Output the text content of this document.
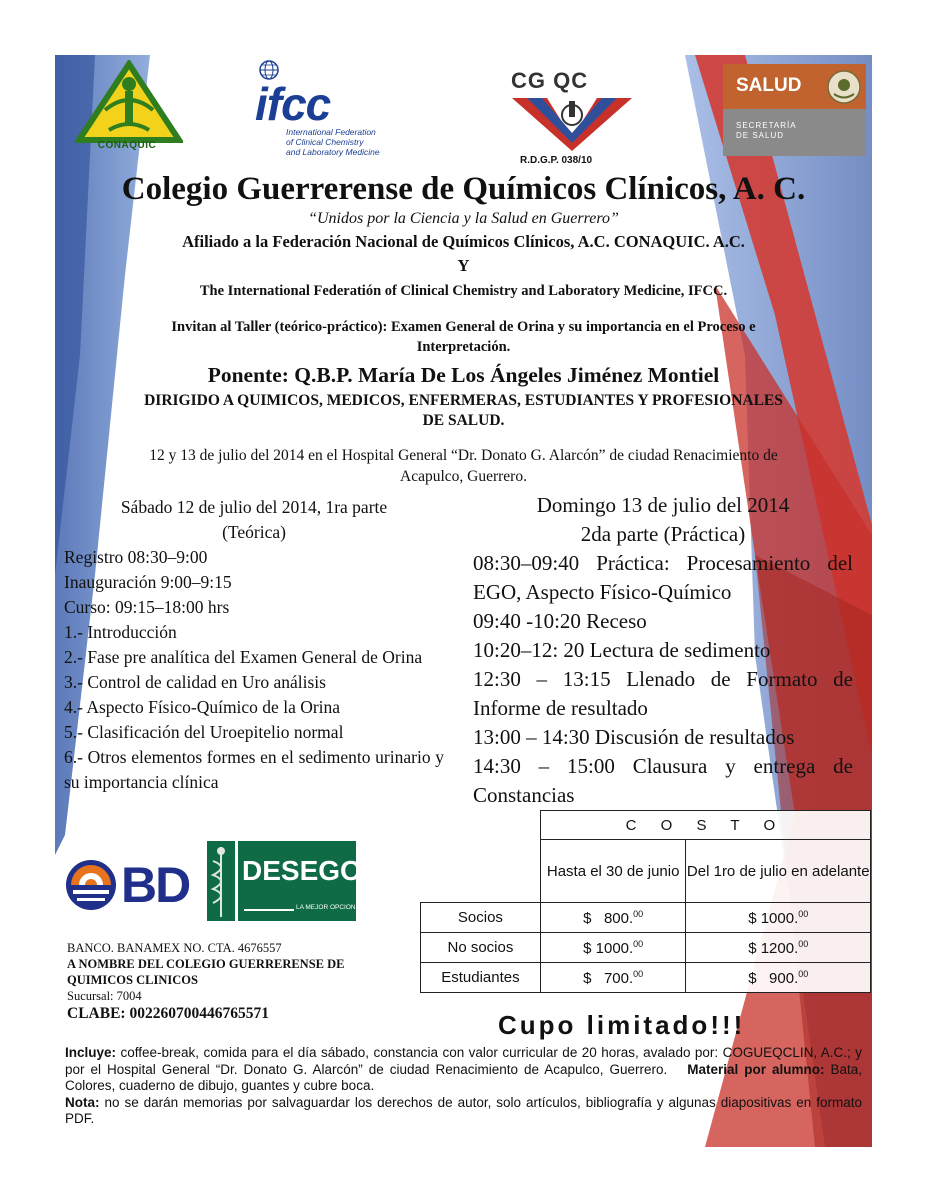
CONAQUIC
ifcc
International Federation
of Clinical Chemistry
and Laboratory Medicine
CG QC
R.D.G.P. 038/10
SALUD
SECRETARÍA
DE SALUD
Colegio Guerrerense de Químicos Clínicos, A. C.
“Unidos por la Ciencia y la Salud en Guerrero”
Afiliado a la Federación Nacional de Químicos Clínicos, A.C. CONAQUIC. A.C.
Y
The International Federatión of Clinical Chemistry and Laboratory Medicine, IFCC.
Invitan al Taller (teórico-práctico): Examen General de Orina y su importancia en el Proceso e
Interpretación.
Ponente: Q.B.P. María De Los Ángeles Jiménez Montiel
DIRIGIDO A QUIMICOS, MEDICOS, ENFERMERAS, ESTUDIANTES Y PROFESIONALES
DE SALUD.
12 y 13 de julio del 2014 en el Hospital General “Dr. Donato G. Alarcón” de ciudad Renacimiento de
Acapulco, Guerrero.

Sábado 12 de julio del 2014, 1ra parte

(Teórica)

Registro 08:30–9:00

Inauguración 9:00–9:15

Curso: 09:15–18:00 hrs

1.- Introducción

2.- Fase pre analítica del Examen General de Orina

3.- Control de calidad en Uro análisis

4.- Aspecto Físico-Químico de la Orina

5.- Clasificación del Uroepitelio normal

6.- Otros elementos formes en el sedimento urinario y su importancia clínica

Domingo 13 de julio del 2014

2da parte (Práctica)

08:30–09:40 Práctica: Procesamiento del EGO, Aspecto Físico-Químico

09:40 -10:20 Receso

10:20–12: 20 Lectura de sedimento

12:30 – 13:15 Llenado de Formato de Informe de resultado

13:00 – 14:30 Discusión de resultados

14:30 – 15:00 Clausura y entrega de Constancias

BD DESEGO
LA MEJOR OPCION
	C O S T O	
	Hasta el 30 de junio	Del 1ro de julio en adelante
Socios	$   800.00	$ 1000.00
No socios	$ 1000.00	$ 1200.00
Estudiantes	$   700.00	$   900.00
BANCO. BANAMEX NO. CTA. 4676557
A NOMBRE DEL COLEGIO GUERRERENSE DE
QUIMICOS CLINICOS
Sucursal: 7004
CLABE: 002260700446765571	Cupo limitado!!!
Incluye: coffee-break, comida para el día sábado, constancia con valor curricular de 20 horas, avalado por: COGUEQCLIN, A.C.; y por el Hospital General “Dr. Donato G. Alarcón” de ciudad Renacimiento de Acapulco, Guerrero. Material por alumno: Bata, Colores, cuaderno de dibujo, guantes y cubre boca.
Nota: no se darán memorias por salvaguardar los derechos de autor, solo artículos, bibliografía y algunas diapositivas en formato PDF.
